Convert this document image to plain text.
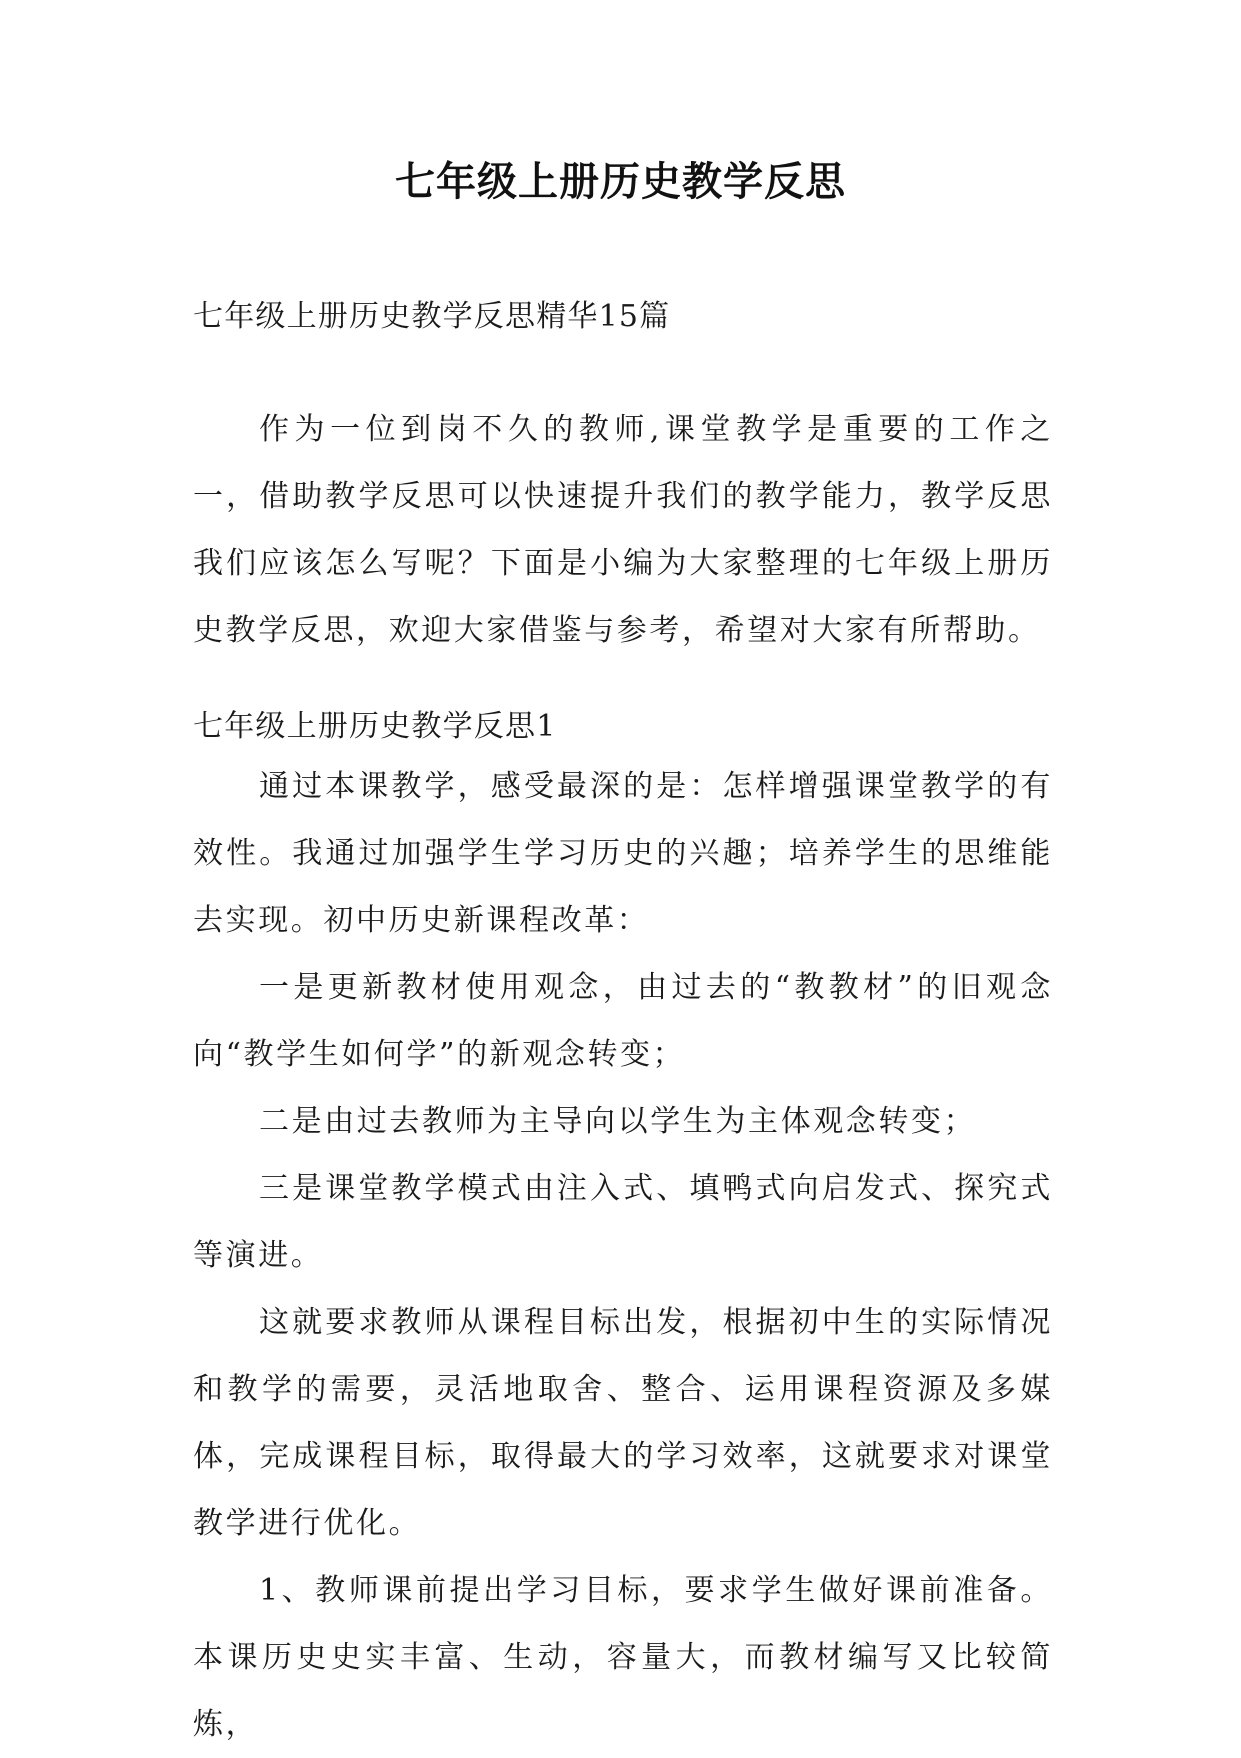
七年级上册历史教学反思
七年级上册历史教学反思精华15篇
作为一位到岗不久的教师,课堂教学是重要的工作之一，借助教学反思可以快速提升我们的教学能力，教学反思我们应该怎么写呢？下面是小编为大家整理的七年级上册历史教学反思，欢迎大家借鉴与参考，希望对大家有所帮助。
七年级上册历史教学反思1

通过本课教学，感受最深的是：怎样增强课堂教学的有效性。我通过加强学生学习历史的兴趣；培养学生的思维能去实现。初中历史新课程改革：

一是更新教材使用观念，由过去的“教教材”的旧观念向“教学生如何学”的新观念转变；

二是由过去教师为主导向以学生为主体观念转变；

三是课堂教学模式由注入式、填鸭式向启发式、探究式等演进。

这就要求教师从课程目标出发，根据初中生的实际情况和教学的需要，灵活地取舍、整合、运用课程资源及多媒体，完成课程目标，取得最大的学习效率，这就要求对课堂教学进行优化。

1、教师课前提出学习目标，要求学生做好课前准备。本课历史史实丰富、生动，容量大，而教材编写又比较简炼，
